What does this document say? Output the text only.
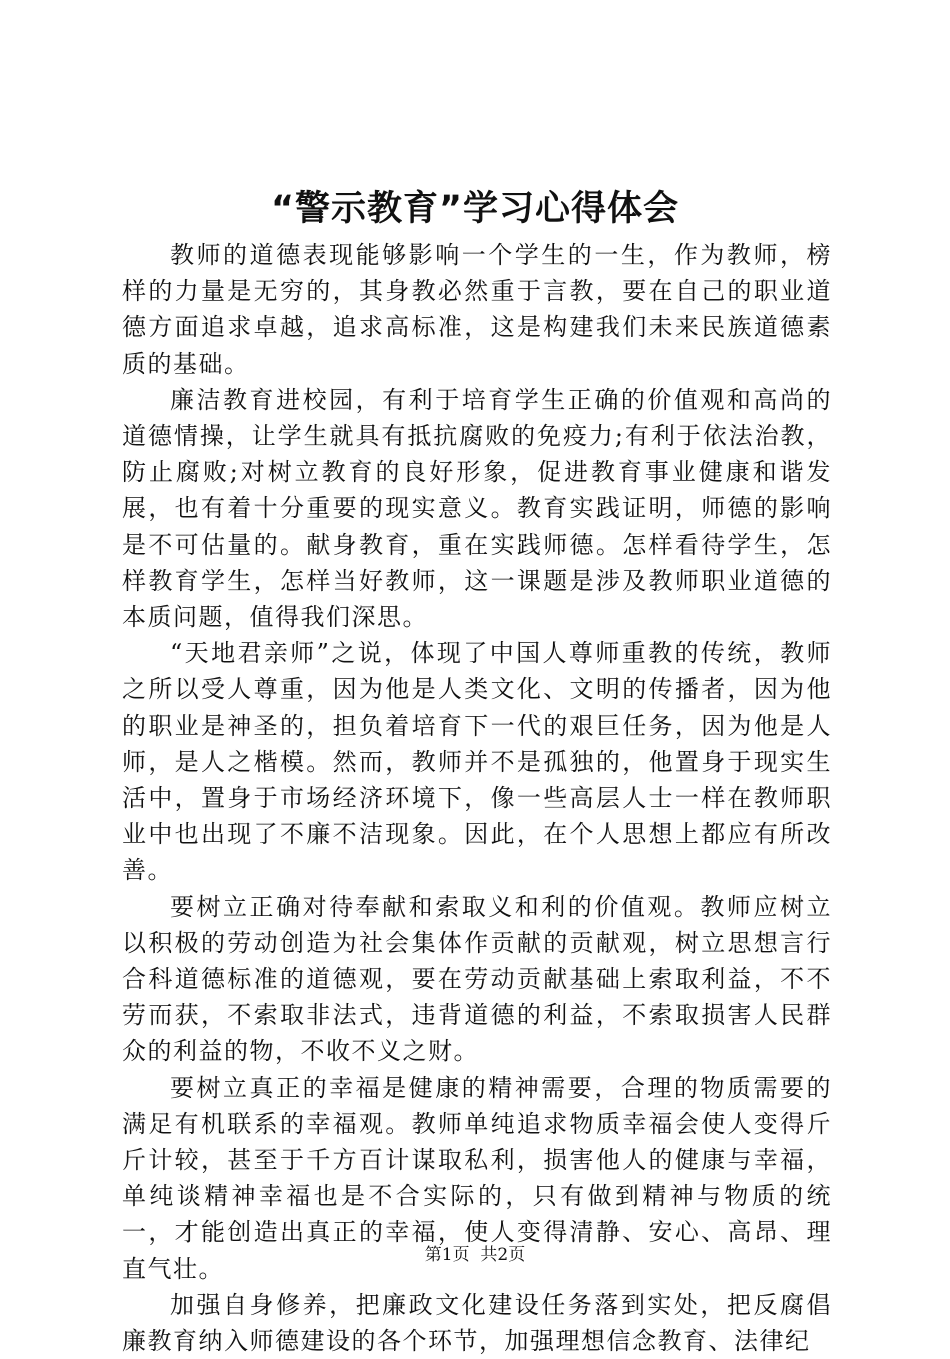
“警示教育”学习心得体会

教师的道德表现能够影响一个学生的一生，作为教师，榜样的力量是无穷的，其身教必然重于言教，要在自己的职业道德方面追求卓越，追求高标准，这是构建我们未来民族道德素质的基础。

廉洁教育进校园，有利于培育学生正确的价值观和高尚的道德情操，让学生就具有抵抗腐败的免疫力;有利于依法治教，防止腐败;对树立教育的良好形象，促进教育事业健康和谐发展，也有着十分重要的现实意义。教育实践证明，师德的影响是不可估量的。献身教育，重在实践师德。怎样看待学生，怎样教育学生，怎样当好教师，这一课题是涉及教师职业道德的本质问题，值得我们深思。

“天地君亲师”之说，体现了中国人尊师重教的传统，教师之所以受人尊重，因为他是人类文化、文明的传播者，因为他的职业是神圣的，担负着培育下一代的艰巨任务，因为他是人师，是人之楷模。然而，教师并不是孤独的，他置身于现实生活中，置身于市场经济环境下，像一些高层人士一样在教师职业中也出现了不廉不洁现象。因此，在个人思想上都应有所改善。

要树立正确对待奉献和索取义和利的价值观。教师应树立以积极的劳动创造为社会集体作贡献的贡献观，树立思想言行合科道德标准的道德观，要在劳动贡献基础上索取利益，不不劳而获，不索取非法式，违背道德的利益，不索取损害人民群众的利益的物，不收不义之财。

要树立真正的幸福是健康的精神需要，合理的物质需要的满足有机联系的幸福观。教师单纯追求物质幸福会使人变得斤斤计较，甚至于千方百计谋取私利，损害他人的健康与幸福，单纯谈精神幸福也是不合实际的，只有做到精神与物质的统一，才能创造出真正的幸福，使人变得清静、安心、高昂、理直气壮。

加强自身修养，把廉政文化建设任务落到实处，把反腐倡廉教育纳入师德建设的各个环节，加强理想信念教育、法律纪

第1页 共2页
